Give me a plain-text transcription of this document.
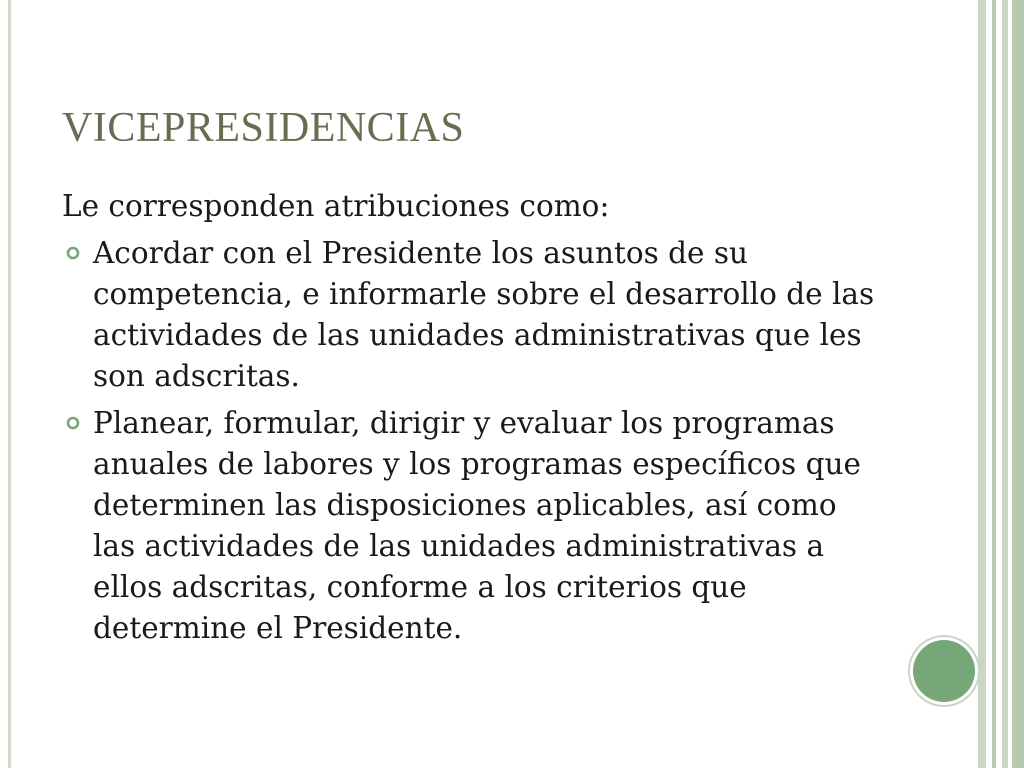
VICEPRESIDENCIAS

Le corresponden atribuciones como:

Acordar con el Presidente los asuntos de su competencia, e informarle sobre el desarrollo de las actividades de las unidades administrativas que les son adscritas.
Planear, formular, dirigir y evaluar los programas anuales de labores y los programas específicos que determinen las disposiciones aplicables, así como las actividades de las unidades administrativas a ellos adscritas, conforme a los criterios que determine el Presidente.
